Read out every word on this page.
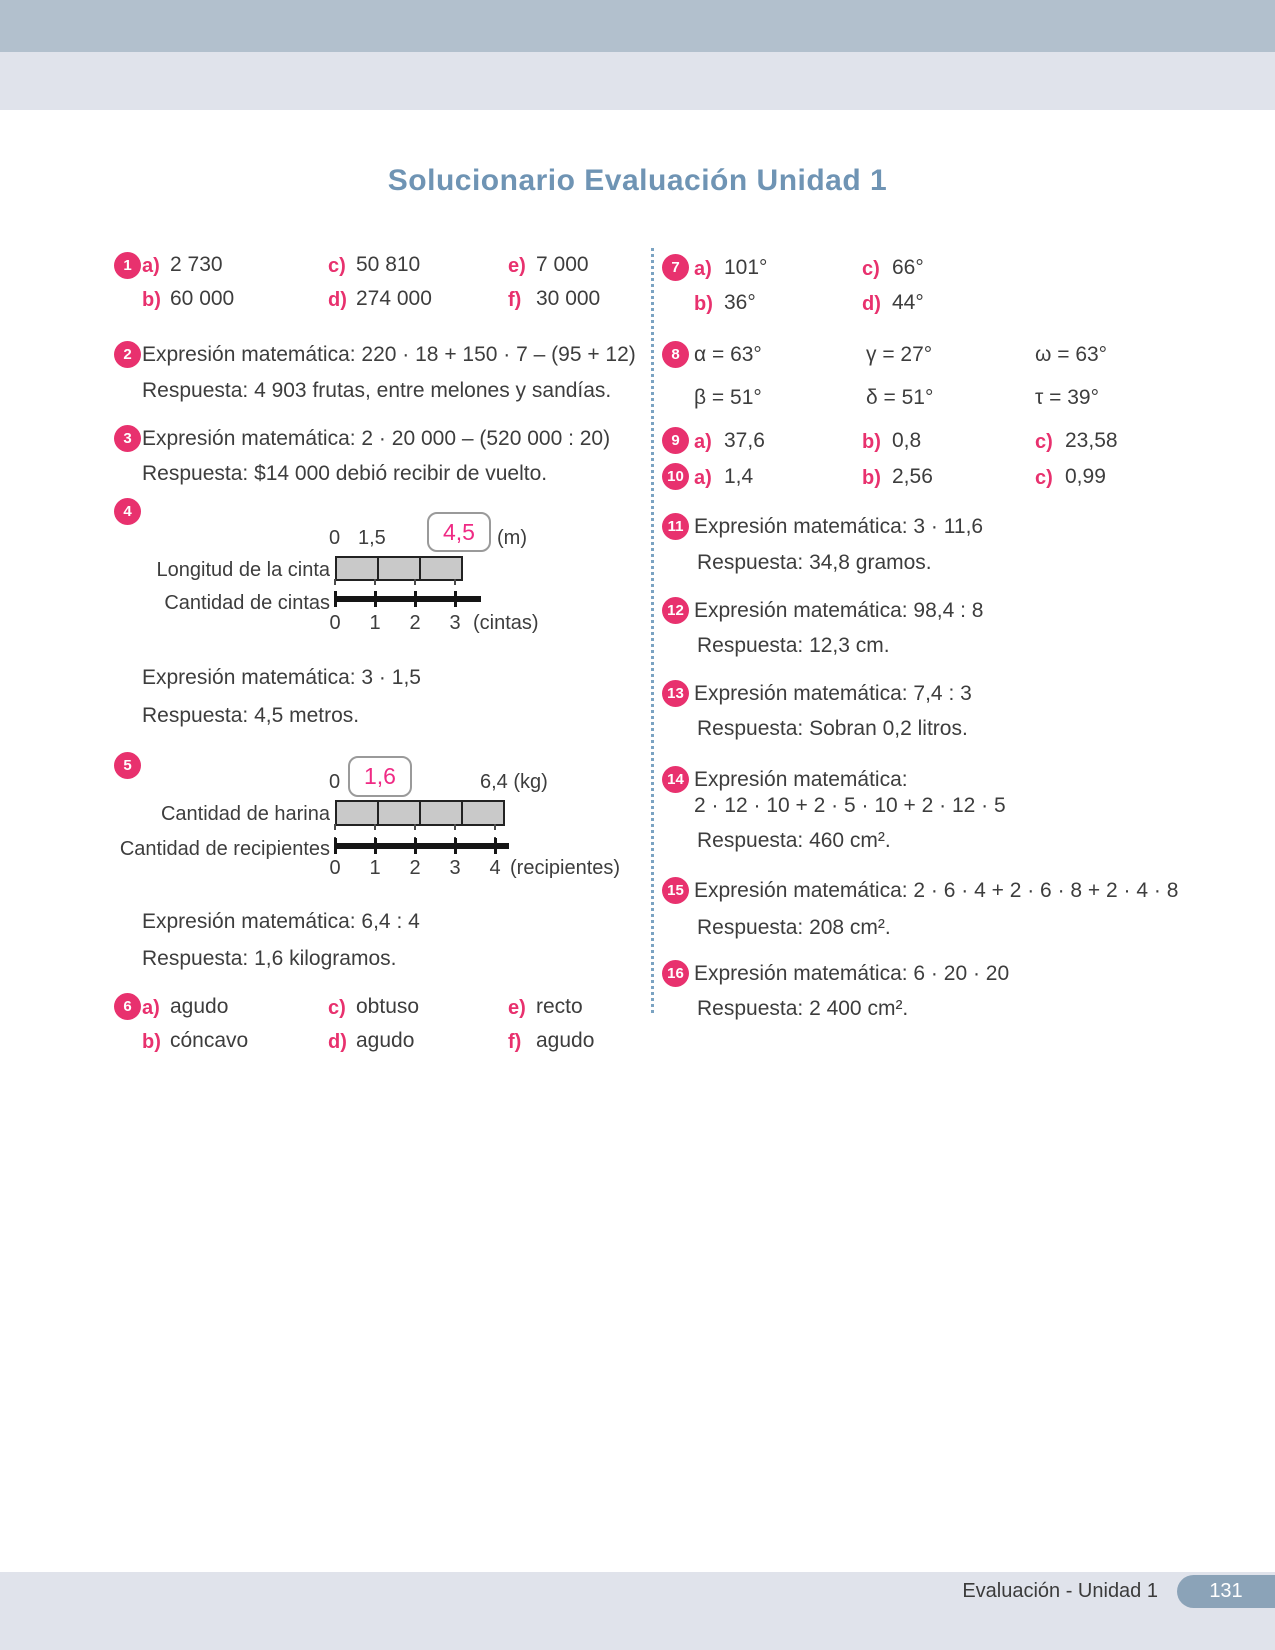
Solucionario Evaluación Unidad 1
1 a) 2 730	c) 50 810	e) 7 000
b) 60 000	d) 274 000	f) 30 000
2 Expresión matemática: 220 · 18 + 150 · 7 – (95 + 12)
Respuesta: 4 903 frutas, entre melones y sandías.
3 Expresión matemática: 2 · 20 000 – (520 000 : 20)
Respuesta: $14 000 debió recibir de vuelto.
4
0 1,5	4,5	(m)
Longitud de la cinta
Cantidad de cintas
0	1	2	3 (cintas)
Expresión matemática: 3 · 1,5
Respuesta: 4,5 metros.
5
0	1,6	6,4 (kg)
Cantidad de harina
Cantidad de recipientes
0	1	2	3	4 (recipientes)
Expresión matemática: 6,4 : 4
Respuesta: 1,6 kilogramos.
6 a) agudo	c) obtuso	e) recto
b) cóncavo	d) agudo	f) agudo
7 a) 101°	c) 66°
b) 36°	d) 44°
8 α = 63°	γ = 27°	ω = 63°
β = 51°	δ = 51°	τ = 39°
9 a) 37,6	b) 0,8	c) 23,58
10 a) 1,4	b) 2,56	c) 0,99
11 Expresión matemática: 3 · 11,6
Respuesta: 34,8 gramos.
12 Expresión matemática: 98,4 : 8
Respuesta: 12,3 cm.
13 Expresión matemática: 7,4 : 3
Respuesta: Sobran 0,2 litros.
14 Expresión matemática:
2 · 12 · 10 + 2 · 5 · 10 + 2 · 12 · 5
Respuesta: 460 cm².
15 Expresión matemática: 2 · 6 · 4 + 2 · 6 · 8 + 2 · 4 · 8
Respuesta: 208 cm².
16 Expresión matemática: 6 · 20 · 20
Respuesta: 2 400 cm².
Evaluación - Unidad 1	131
